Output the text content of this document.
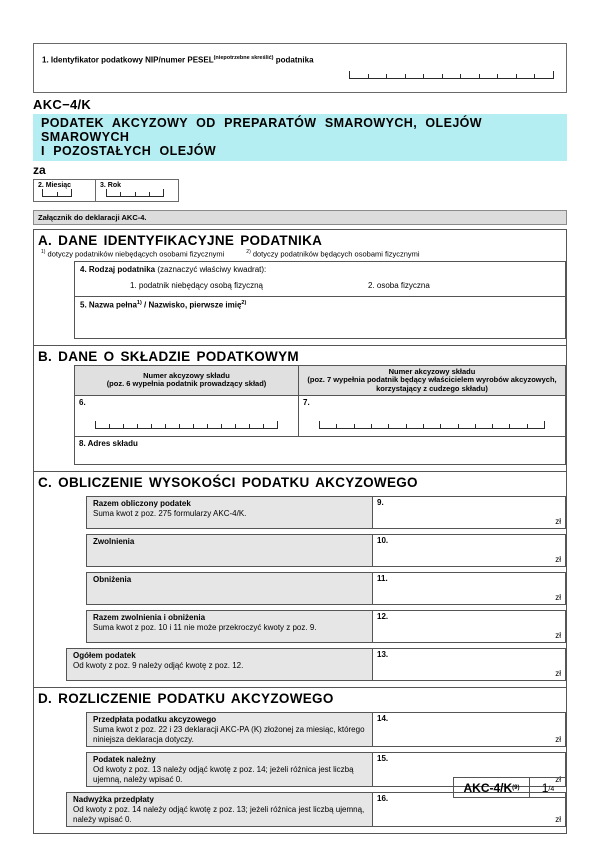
1. Identyfikator podatkowy NIP/numer $PESEL^{(niepotrzebne skreślić)}$ podatnika
AKC−4/K
PODATEK AKCYZOWY OD PREPARATÓW SMAROWYCH, OLEJÓW SMAROWYCH
I POZOSTAŁYCH OLEJÓW
za
2. Miesiąc	3. Rok
Załącznik do deklaracji AKC-4.
A. DANE IDENTYFIKACYJNE PODATNIKA
$^{1)}$ dotyczy podatników niebędących osobami fizycznymi	$^{2)}$ dotyczy podatników będących osobami fizycznymi
4. Rodzaj podatnika (zaznaczyć właściwy kwadrat):
1. podatnik niebędący osobą fizyczną	2. osoba fizyczna
5. Nazwa pełna$^{1)}$ / Nazwisko, pierwsze imię$^{2)}$
B. DANE O SKŁADZIE PODATKOWYM
Numer akcyzowy składu
(poz. 6 wypełnia podatnik prowadzący skład)
Numer akcyzowy składu
(poz. 7 wypełnia podatnik będący właścicielem wyrobów akcyzowych,
korzystający z cudzego składu)
6.	7.
8. Adres składu
C. OBLICZENIE WYSOKOŚCI PODATKU AKCYZOWEGO
Razem obliczony podatek
Suma kwot z poz. 275 formularzy AKC-4/K.
9.
zł
Zwolnienia	10.
zł
Obniżenia	11.
zł
Razem zwolnienia i obniżenia
Suma kwot z poz. 10 i 11 nie może przekroczyć kwoty z poz. 9.
12.
zł
Ogółem podatek
Od kwoty z poz. 9 należy odjąć kwotę z poz. 12.
13.
zł
D. ROZLICZENIE PODATKU AKCYZOWEGO
Przedpłata podatku akcyzowego
Suma kwot z poz. 22 i 23 deklaracji AKC-PA (K) złożonej za miesiąc, którego niniejsza deklaracja dotyczy.
14.
zł
Podatek należny
Od kwoty z poz. 13 należy odjąć kwotę z poz. 14; jeżeli różnica jest liczbą ujemną, należy wpisać 0.
15.
zł
Nadwyżka przedpłaty
Od kwoty z poz. 14 należy odjąć kwotę z poz. 13; jeżeli różnica jest liczbą ujemną, należy wpisać 0.
16.
zł
AKC-4/K (9) 1 /4
